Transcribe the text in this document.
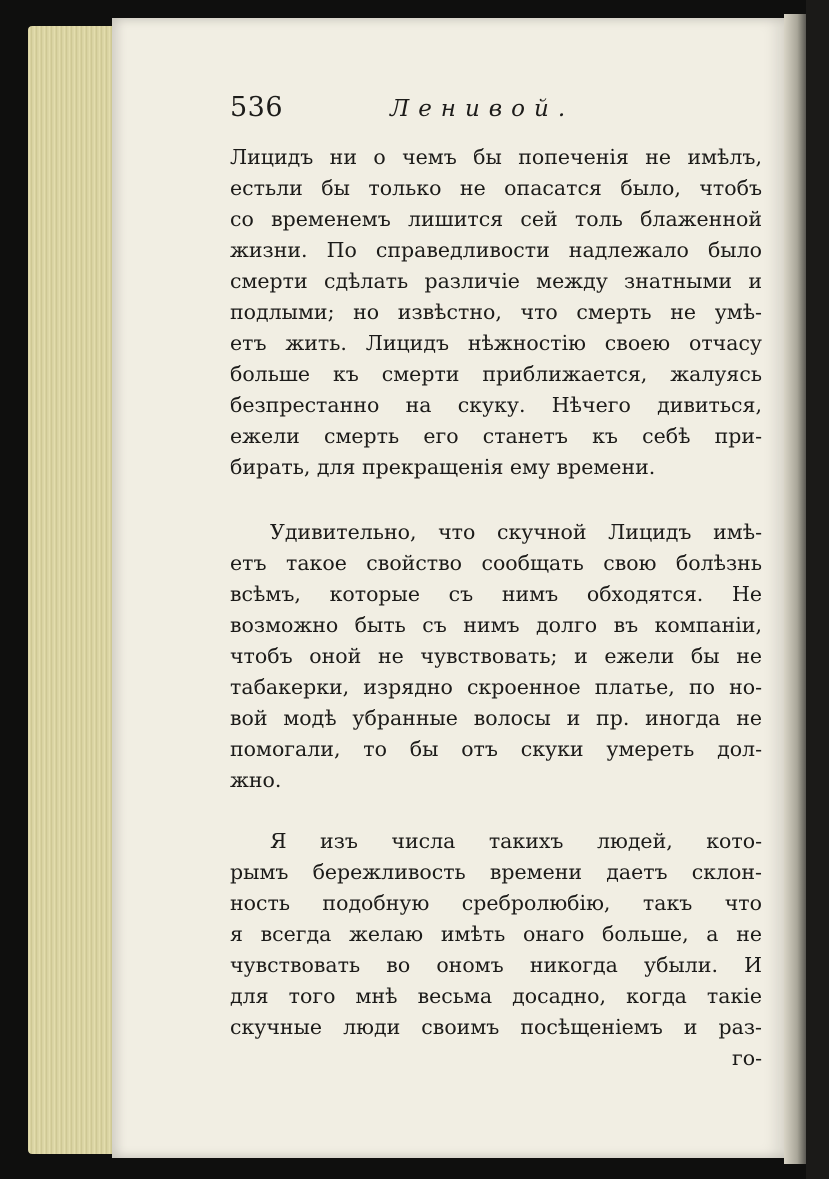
536	Ленивой.
Лицидъ ни о чемъ бы попеченія не имѣлъ,
естьли бы только не опасатся было, чтобъ
со временемъ лишится сей толь блаженной
жизни. По справедливости надлежало было
смерти сдѣлать различіе между знатными и
подлыми; но извѣстно, что смерть не умѣ-
етъ жить. Лицидъ нѣжностію своею отчасу
больше къ смерти приближается, жалуясь
безпрестанно на скуку. Нѣчего дивиться,
ежели смерть его станетъ къ себѣ при-
бирать, для прекращенія ему времени.
Удивительно, что скучной Лицидъ имѣ-
етъ такое свойство сообщать свою болѣзнь
всѣмъ, которые съ нимъ обходятся. Не
возможно быть съ нимъ долго въ компаніи,
чтобъ оной не чувствовать; и ежели бы не
табакерки, изрядно скроенное платье, по но-
вой модѣ убранные волосы и пр. иногда не
помогали, то бы отъ скуки умереть дол-
жно.
Я изъ числа такихъ людей, кото-
рымъ бережливость времени даетъ склон-
ность подобную сребролюбію, такъ что
я всегда желаю имѣть онаго больше, а не
чувствовать во ономъ никогда убыли. И
для того мнѣ весьма досадно, когда такіе
скучные люди своимъ посѣщеніемъ и раз-
го-
